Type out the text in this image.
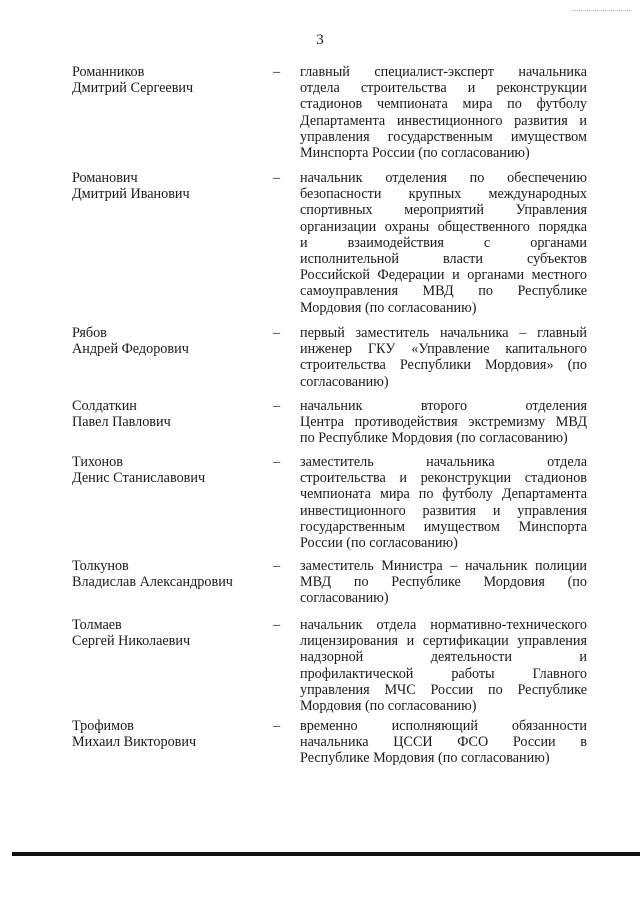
3
Романников
Дмитрий Сергеевич
– главный специалист-эксперт начальника
отдела строительства и реконструкции
стадионов чемпионата мира по футболу
Департамента инвестиционного развития и
управления государственным имуществом
Минспорта России (по согласованию)
Романович
Дмитрий Иванович
– начальник отделения по обеспечению
безопасности крупных международных
спортивных мероприятий Управления
организации охраны общественного порядка
и взаимодействия с органами
исполнительной власти субъектов
Российской Федерации и органами местного
самоуправления МВД по Республике
Мордовия (по согласованию)
Рябов
Андрей Федорович
– первый заместитель начальника – главный
инженер ГКУ «Управление капитального
строительства Республики Мордовия» (по
согласованию)
Солдаткин
Павел Павлович
– начальник второго отделения
Центра противодействия экстремизму МВД
по Республике Мордовия (по согласованию)
Тихонов
Денис Станиславович
– заместитель начальника отдела
строительства и реконструкции стадионов
чемпионата мира по футболу Департамента
инвестиционного развития и управления
государственным имуществом Минспорта
России (по согласованию)
Толкунов
Владислав Александрович
– заместитель Министра – начальник полиции
МВД по Республике Мордовия (по
согласованию)
Толмаев
Сергей Николаевич
– начальник отдела нормативно-технического
лицензирования и сертификации управления
надзорной деятельности и
профилактической работы Главного
управления МЧС России по Республике
Мордовия (по согласованию)
Трофимов
Михаил Викторович
– временно исполняющий обязанности
начальника ЦССИ ФСО России в
Республике Мордовия (по согласованию)
